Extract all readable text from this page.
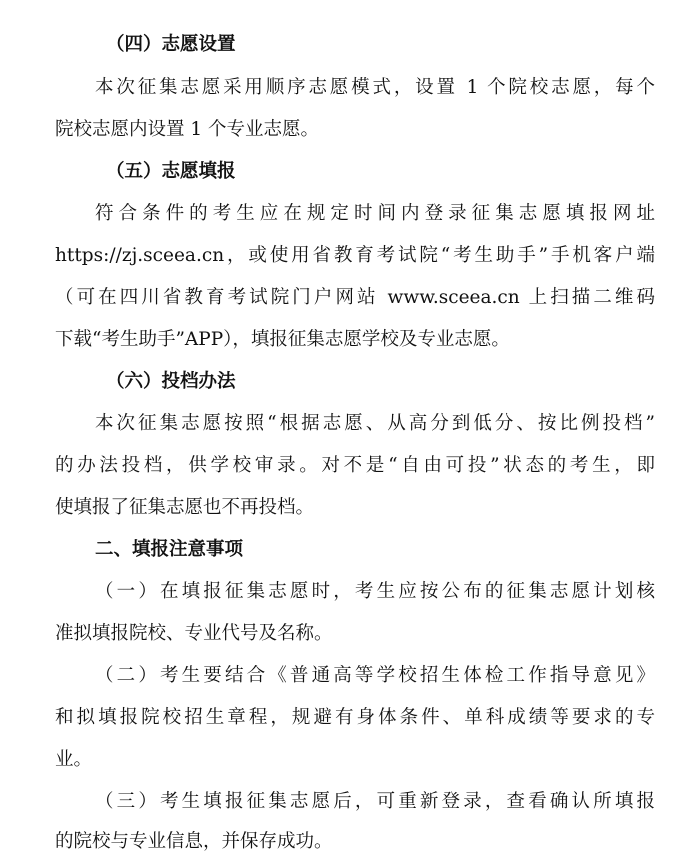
（四）志愿设置
本次征集志愿采用顺序志愿模式，设置 1 个院校志愿，每个
院校志愿内设置 1 个专业志愿。
（五）志愿填报
符合条件的考生应在规定时间内登录征集志愿填报网址
https://zj.sceea.cn，或使用省教育考试院“考生助手”手机客户端
（可在四川省教育考试院门户网站 www.sceea.cn 上扫描二维码
下载“考生助手”APP），填报征集志愿学校及专业志愿。
（六）投档办法
本次征集志愿按照“根据志愿、从高分到低分、按比例投档”
的办法投档，供学校审录。对不是“自由可投”状态的考生，即
使填报了征集志愿也不再投档。
二、填报注意事项
（一）在填报征集志愿时，考生应按公布的征集志愿计划核
准拟填报院校、专业代号及名称。
（二）考生要结合《普通高等学校招生体检工作指导意见》
和拟填报院校招生章程，规避有身体条件、单科成绩等要求的专
业。
（三）考生填报征集志愿后，可重新登录，查看确认所填报
的院校与专业信息，并保存成功。
